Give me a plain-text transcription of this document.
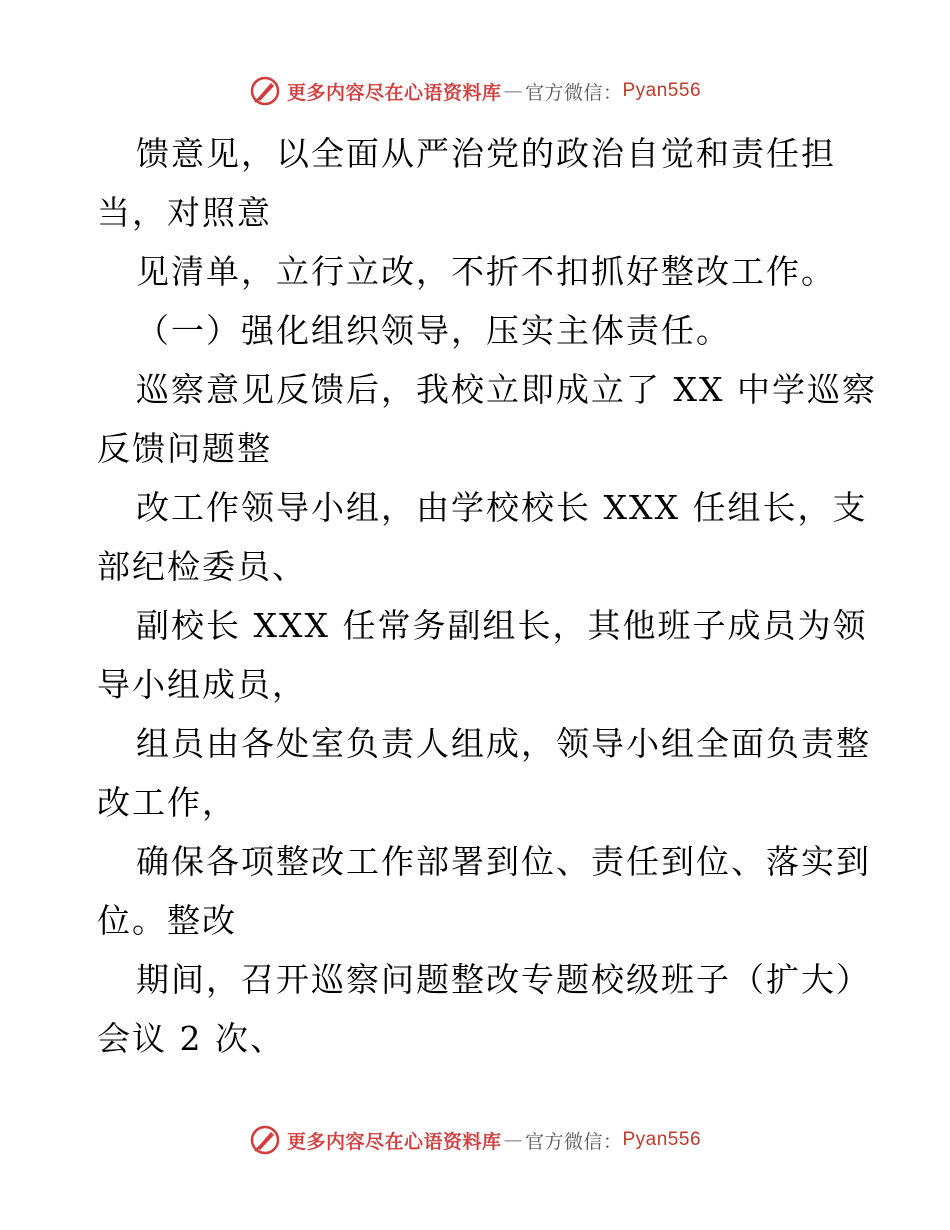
更多内容尽在心语资料库 — 官方微信： Pyan556
馈意见，以全面从严治党的政治自觉和责任担
当，对照意
见清单，立行立改，不折不扣抓好整改工作。
（一）强化组织领导，压实主体责任。
巡察意见反馈后，我校立即成立了 XX 中学巡察
反馈问题整
改工作领导小组，由学校校长 XXX 任组长，支
部纪检委员、
副校长 XXX 任常务副组长，其他班子成员为领
导小组成员，
组员由各处室负责人组成，领导小组全面负责整
改工作，
确保各项整改工作部署到位、责任到位、落实到
位。整改
期间，召开巡察问题整改专题校级班子（扩大）
会议 2 次、
更多内容尽在心语资料库 — 官方微信： Pyan556
